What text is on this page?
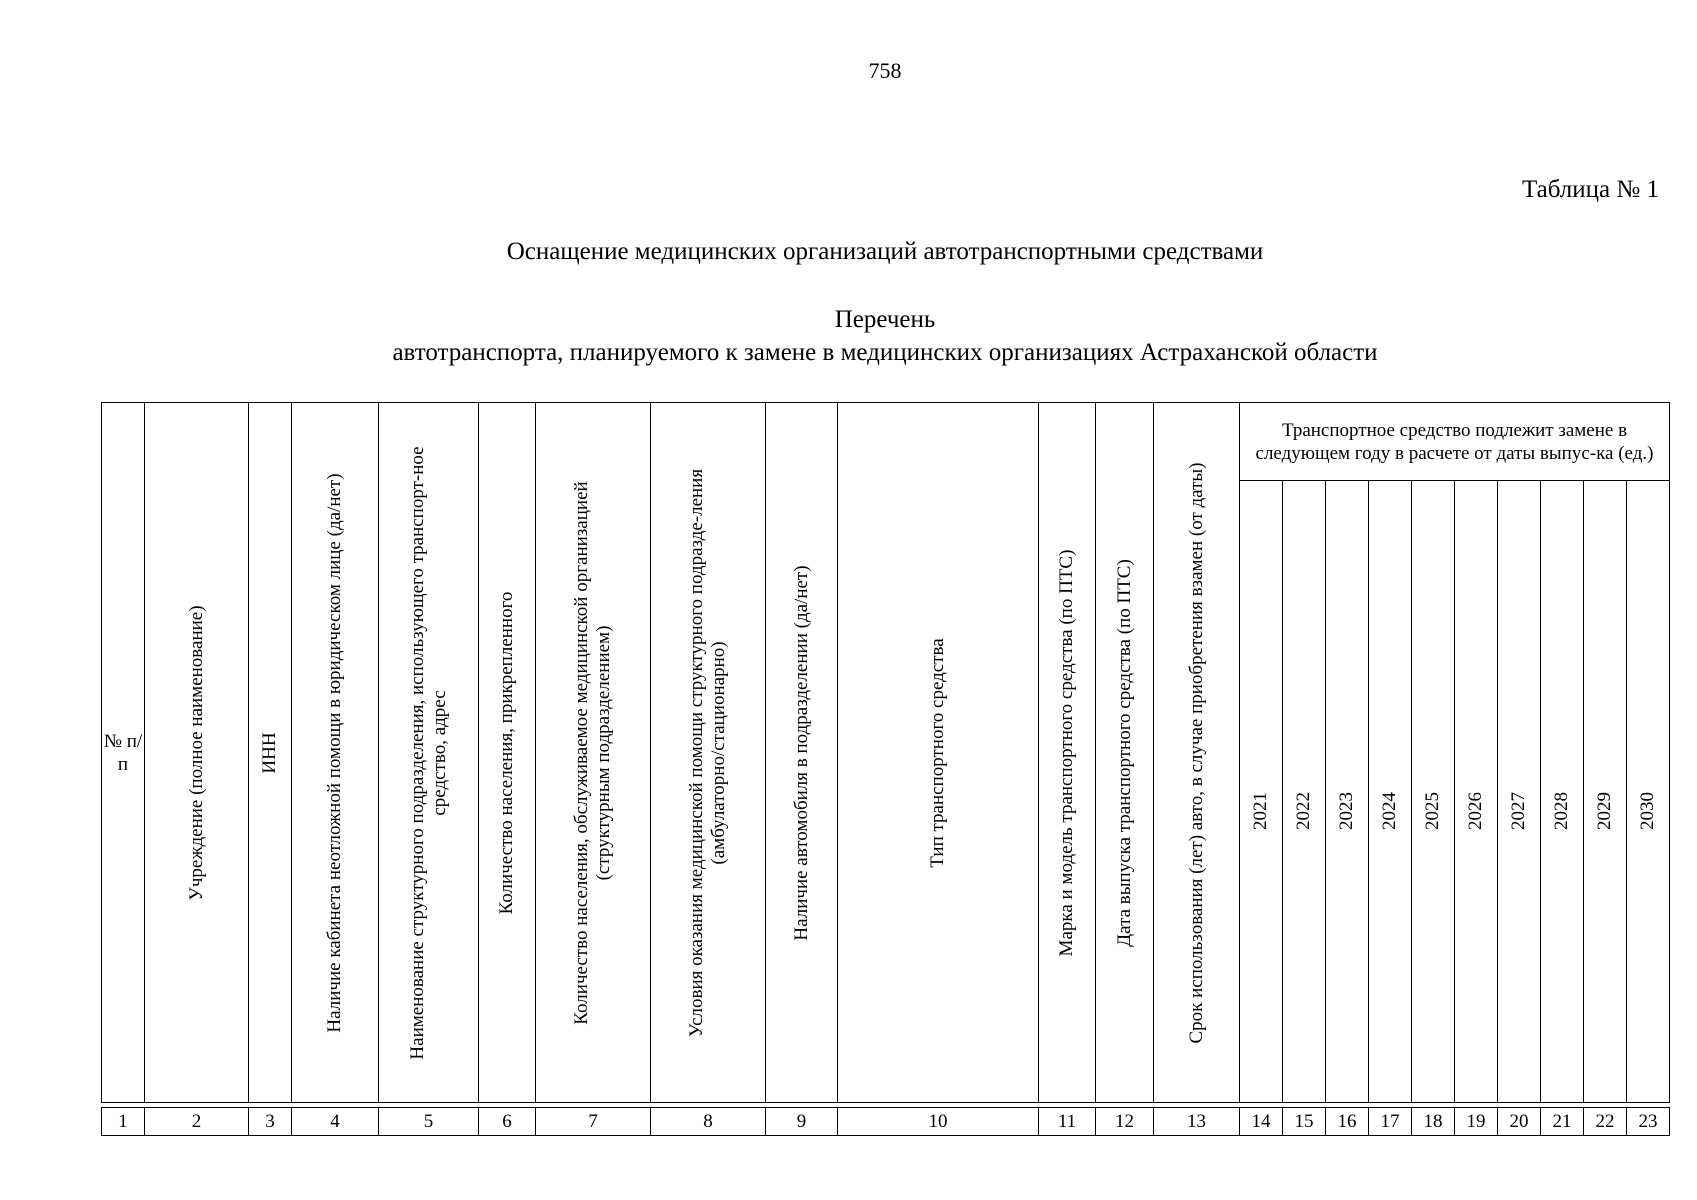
758
Таблица № 1
Оснащение медицинских организаций автотранспортными средствами
Перечень
автотранспорта, планируемого к замене в медицинских организациях Астраханской области
№ п/п
1
Учреждение (полное наименование)
2
ИНН
3
Наличие кабинета неотложной помощи в юридическом лице (да/нет)
4
Наименование структурного подразделения, использующего транспорт-ное средство, адрес
5
Количество населения, прикрепленного
6
Количество населения, обслуживаемое медицинской организацией (структурным подразделением)
7
Условия оказания медицинской помощи структурного подразде-ления (амбулаторно/стационарно)
8
Наличие автомобиля в подразделении (да/нет)
9
Тип транспортного средства
10
Марка и модель транспортного средства (по ПТС)
11
Дата выпуска транспортного средства (по ПТС)
12
Срок использования (лет) авто, в случае приобретения взамен (от даты)
13
Транспортное средство подлежит замене в следующем году в расчете от даты выпус-ка (ед.)
2021
14
2022
15
2023
16
2024
17
2025
18
2026
19
2027
20
2028
21
2029
22
2030
23
